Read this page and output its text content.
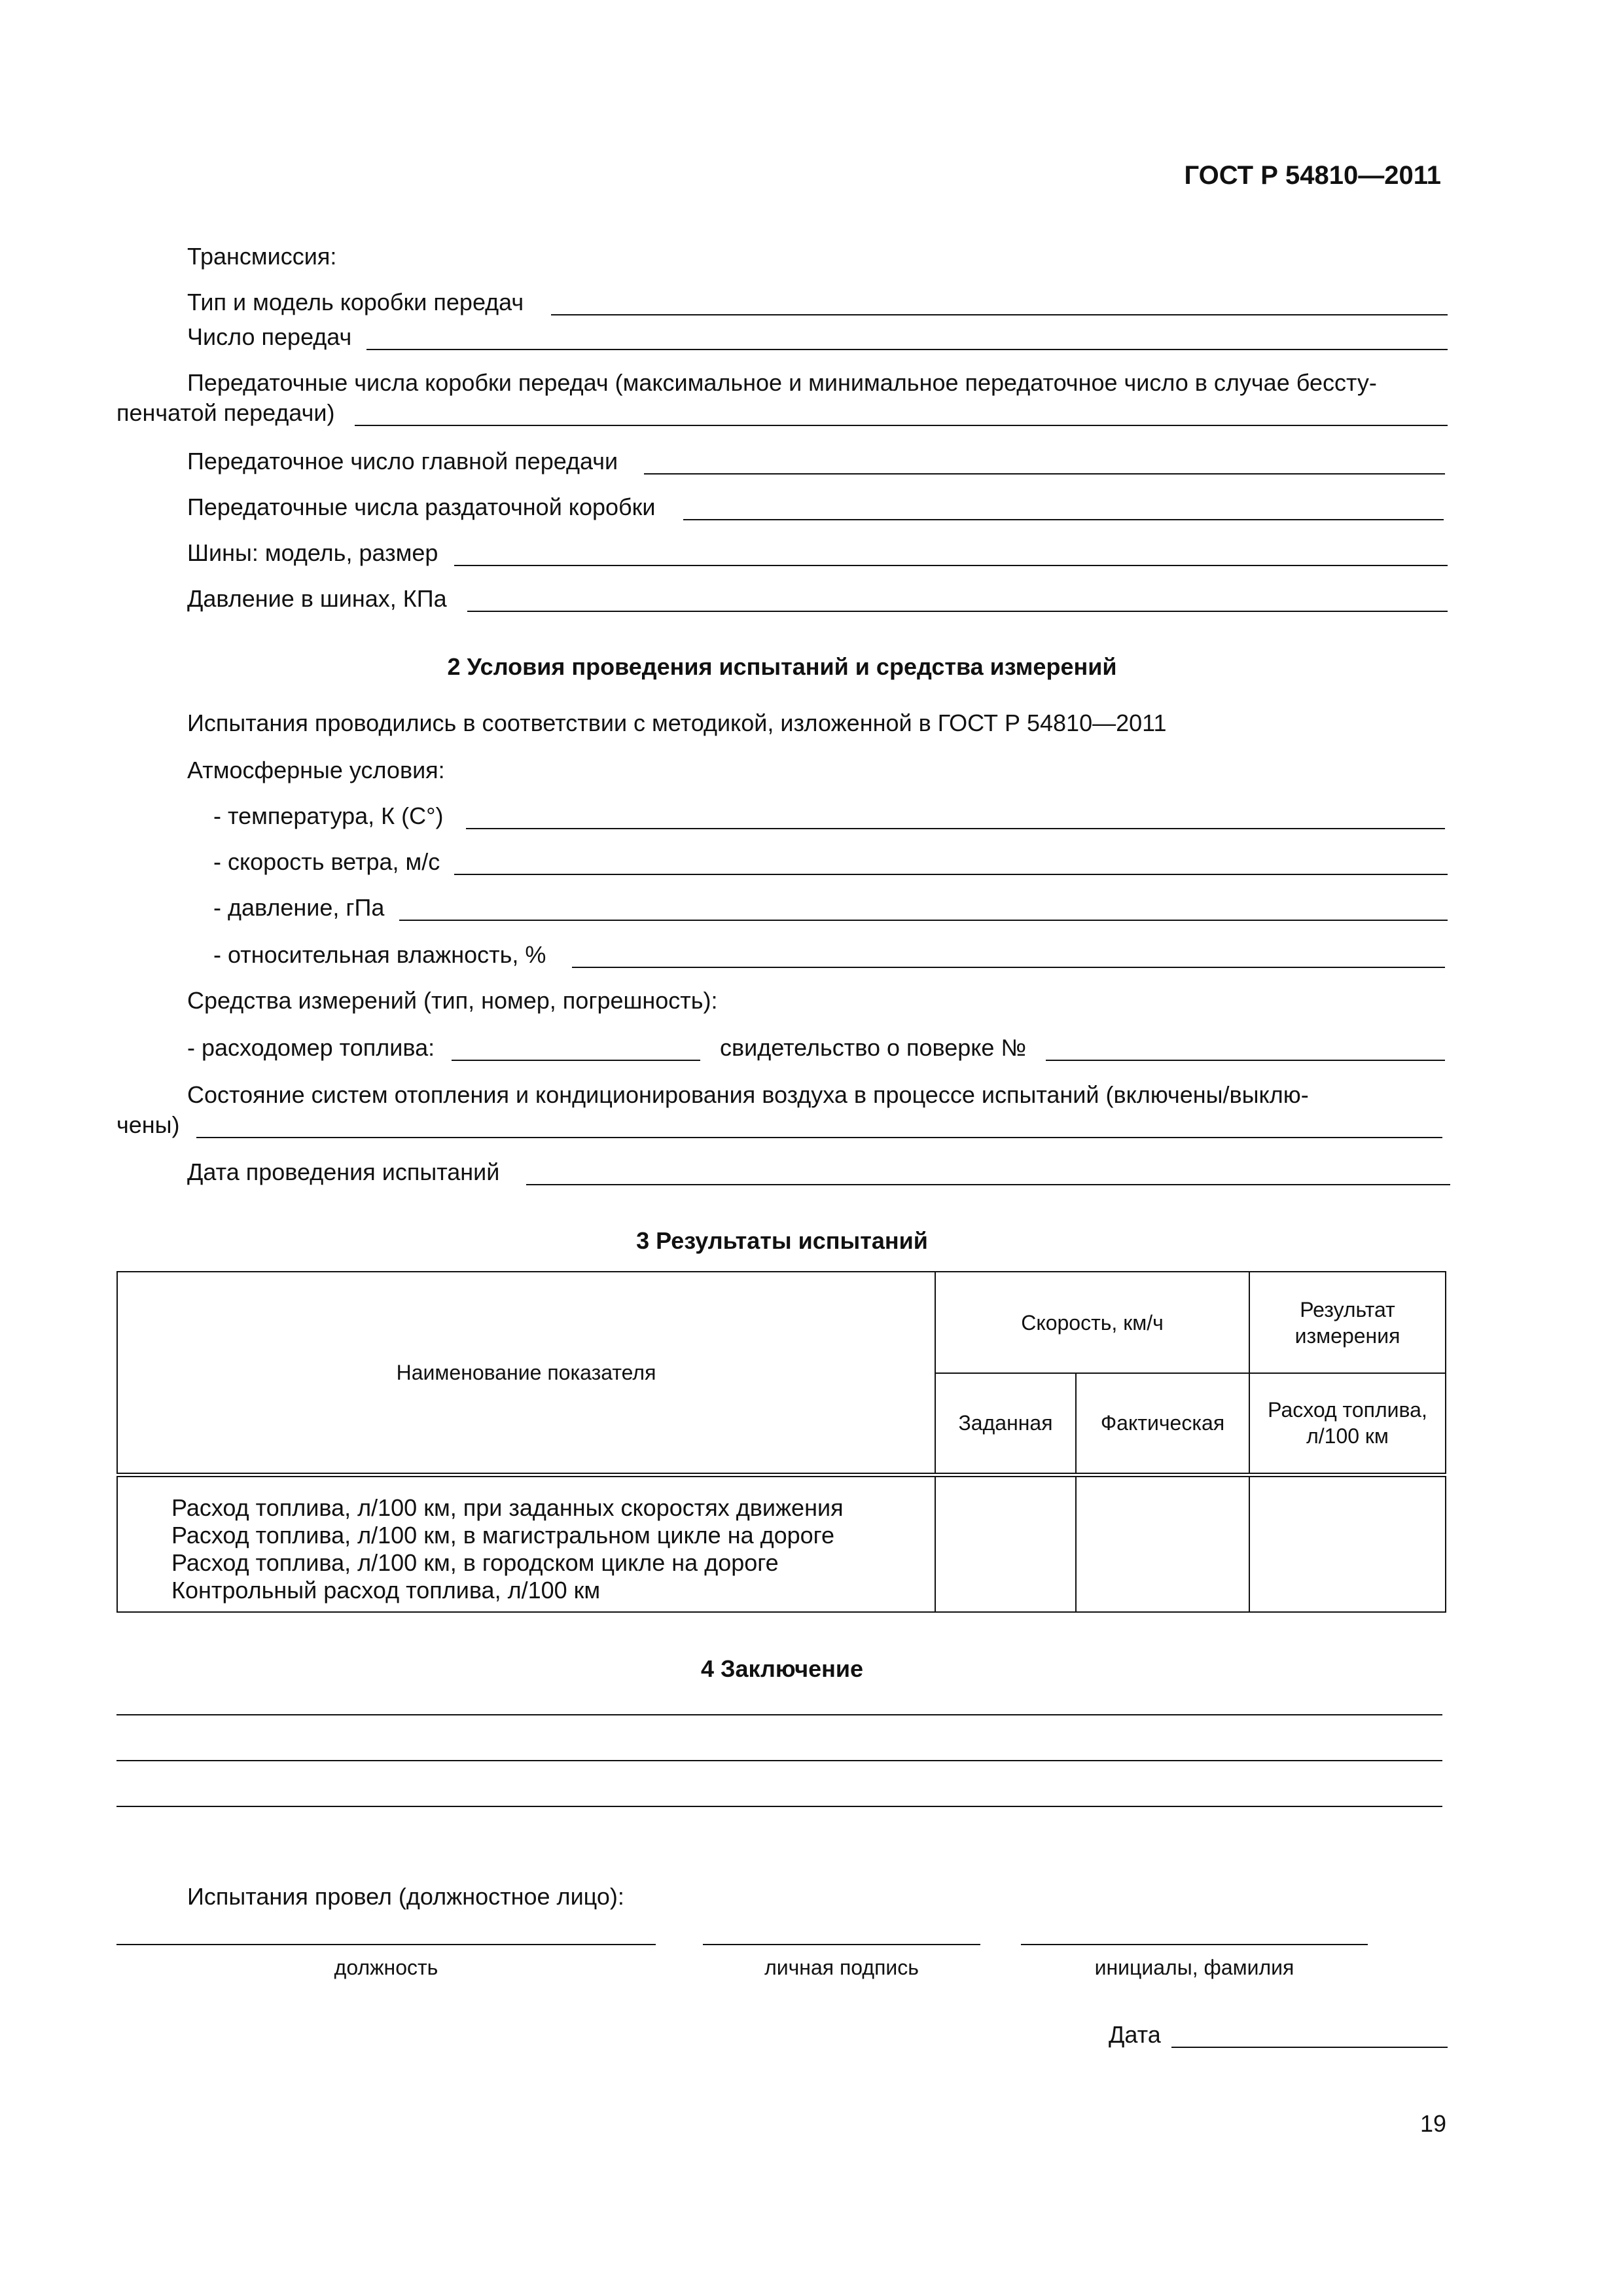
ГОСТ Р 54810—2011
Трансмиссия:
Тип и модель коробки передач
Число передач
Передаточные числа коробки передач (максимальное и минимальное передаточное число в случае бессту-
пенчатой передачи)
Передаточное число главной передачи
Передаточные числа раздаточной коробки
Шины: модель, размер
Давление в шинах, КПа
2 Условия проведения испытаний и средства измерений
Испытания проводились в соответствии с методикой, изложенной в ГОСТ Р 54810—2011
Атмосферные условия:
- температура, К (С°)
- скорость ветра, м/с
- давление, гПа
- относительная влажность, %
Средства измерений (тип, номер, погрешность):
- расходомер топлива:	свидетельство о поверке №
Состояние систем отопления и кондиционирования воздуха в процессе испытаний (включены/выклю-
чены)
Дата проведения испытаний
3 Результаты испытаний
Наименование показателя	Скорость, км/ч		Результат измерения
	Заданная	Фактическая	Расход топлива, л/100 км

Расход топлива, л/100 км, при заданных скоростях движения
Расход топлива, л/100 км, в магистральном цикле на дороге
Расход топлива, л/100 км, в городском цикле на дороге
Контрольный расход топлива, л/100 км			

4 Заключение
Испытания провел (должностное лицо):
должность	личная подпись	инициалы, фамилия
Дата
19
